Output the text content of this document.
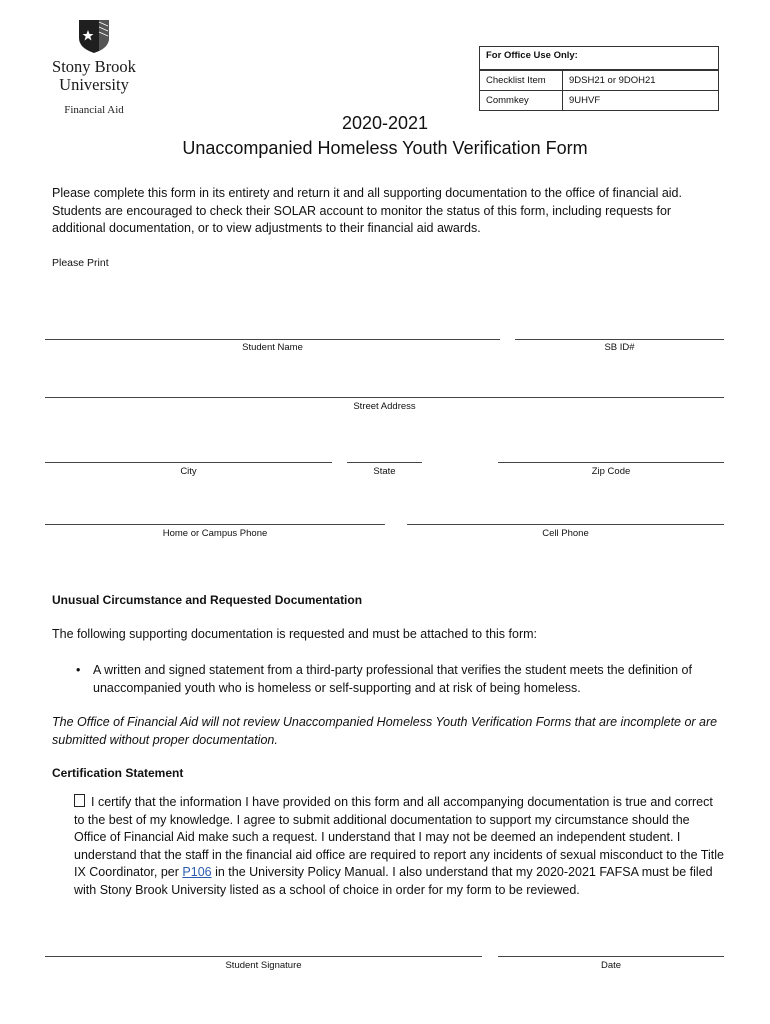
Stony Brook
University
Financial Aid
For Office Use Only:
Checklist Item	9DSH21 or 9DOH21
Commkey	9UHVF
2020-2021
Unaccompanied Homeless Youth Verification Form
Please complete this form in its entirety and return it and all supporting documentation to the office of financial aid. Students are encouraged to check their SOLAR account to monitor the status of this form, including requests for additional documentation, or to view adjustments to their financial aid awards.
Please Print
Student Name	SB ID#
Street Address
City	State	Zip Code
Home or Campus Phone	Cell Phone
Unusual Circumstance and Requested Documentation
The following supporting documentation is requested and must be attached to this form:
• A written and signed statement from a third-party professional that verifies the student meets the definition of unaccompanied youth who is homeless or self-supporting and at risk of being homeless.
The Office of Financial Aid will not review Unaccompanied Homeless Youth Verification Forms that are incomplete or are submitted without proper documentation.
Certification Statement
I certify that the information I have provided on this form and all accompanying documentation is true and correct to the best of my knowledge. I agree to submit additional documentation to support my circumstance should the Office of Financial Aid make such a request. I understand that I may not be deemed an independent student. I understand that the staff in the financial aid office are required to report any incidents of sexual misconduct to the Title IX Coordinator, per P106 in the University Policy Manual. I also understand that my 2020-2021 FAFSA must be filed with Stony Brook University listed as a school of choice in order for my form to be reviewed.
Student Signature	Date
